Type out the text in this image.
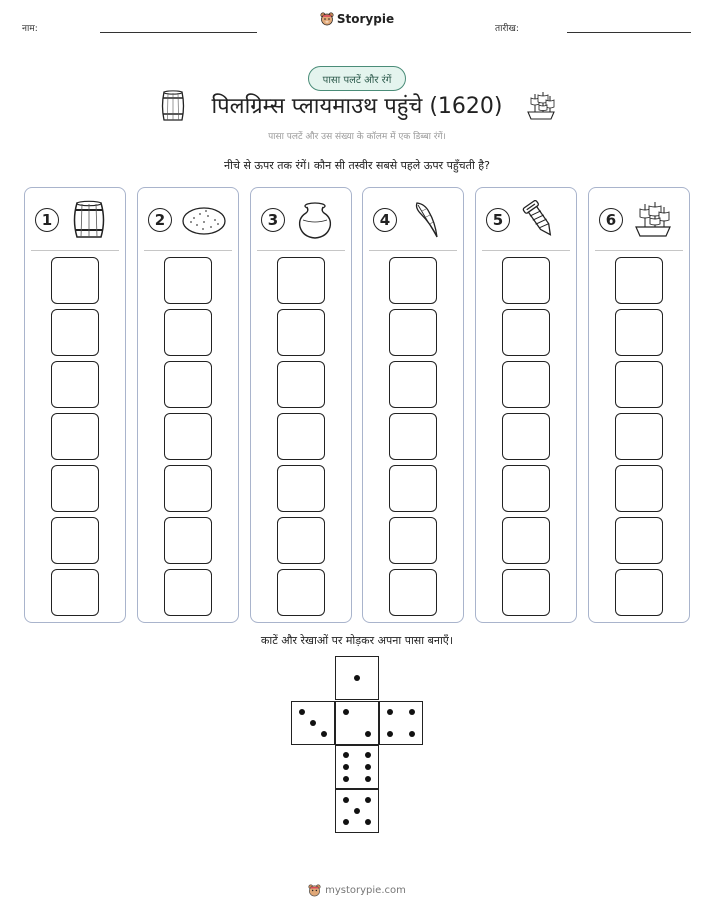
नाम:	तारीख:
Storypie
पासा पलटें और रंगें
पिलग्रिम्स प्लायमाउथ पहुंचे (1620)
पासा पलटें और उस संख्या के कॉलम में एक डिब्बा रंगें।
नीचे से ऊपर तक रंगें। कौन सी तस्वीर सबसे पहले ऊपर पहुँचती है?
1	2	3	4	5	6
काटें और रेखाओं पर मोड़कर अपना पासा बनाएँ।
mystorypie.com
